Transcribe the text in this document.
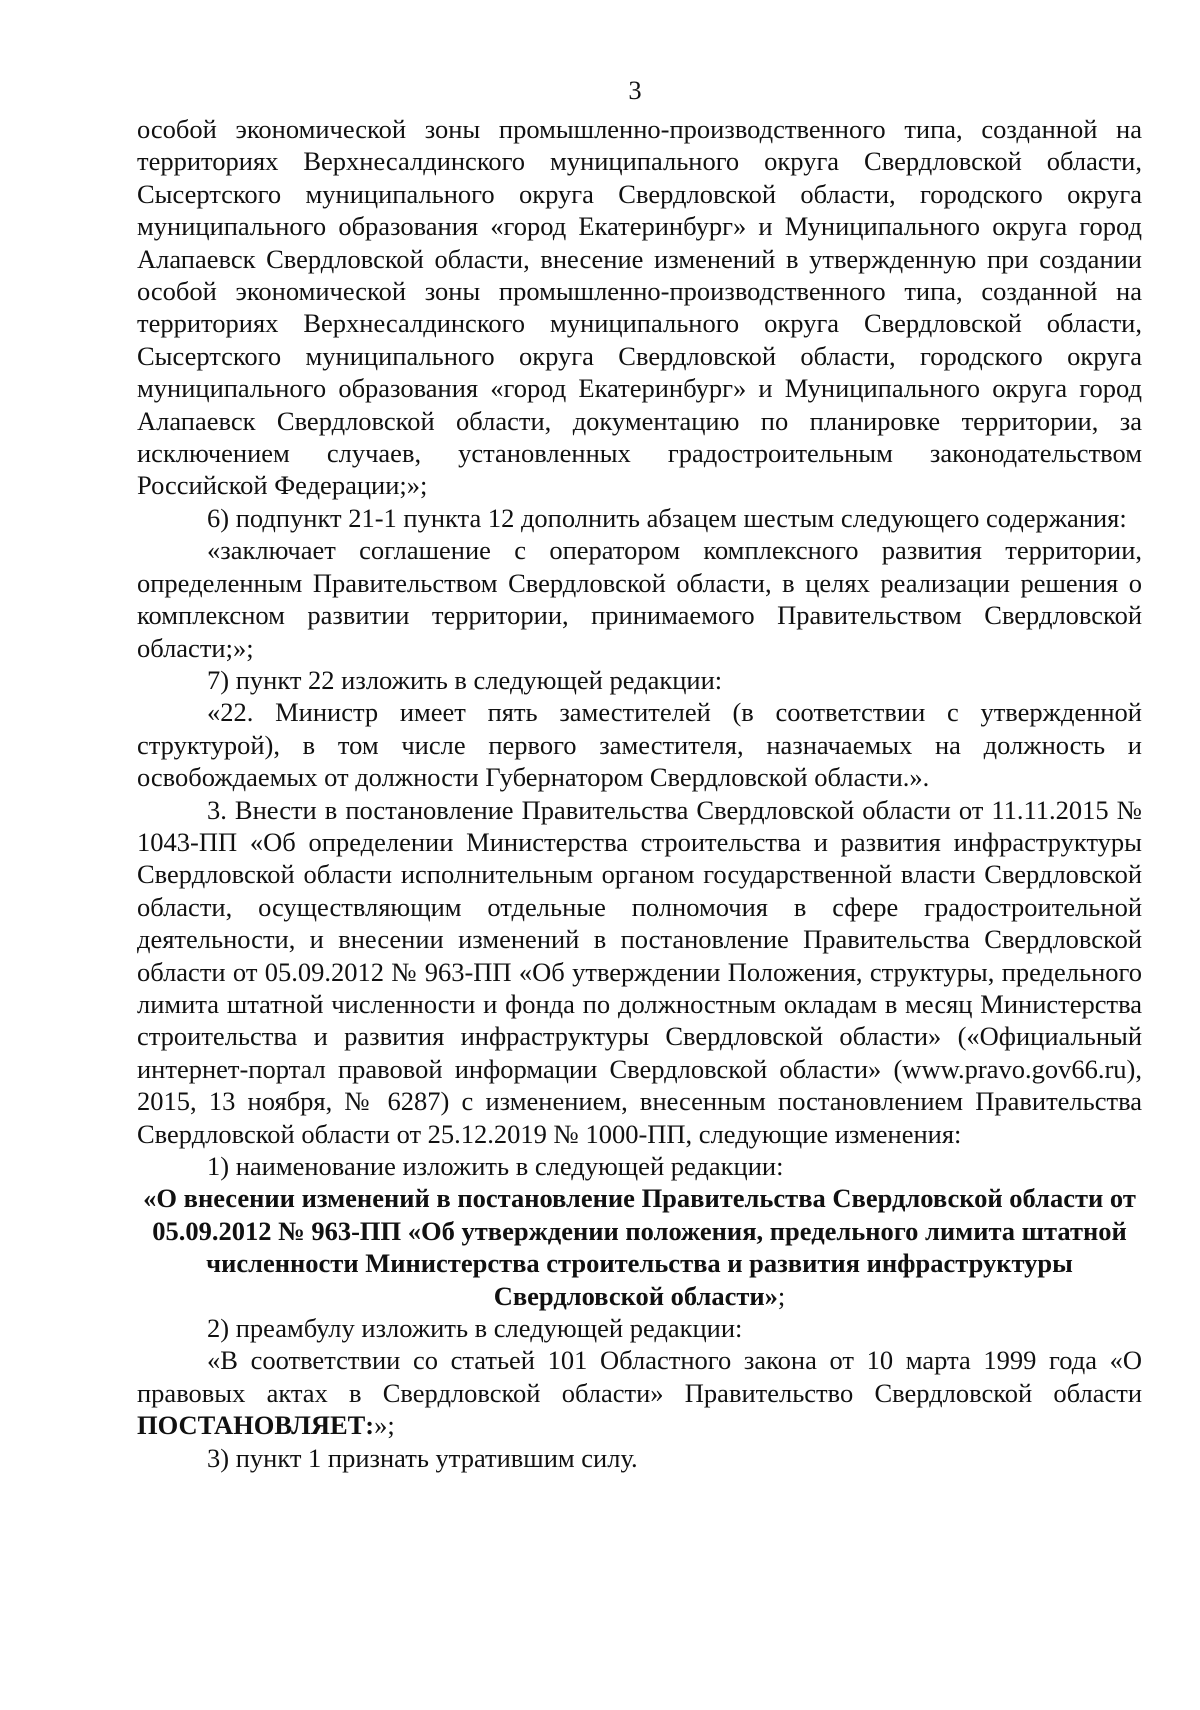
3

особой экономической зоны промышленно-производственного типа, созданной на территориях Верхнесалдинского муниципального округа Свердловской области, Сысертского муниципального округа Свердловской области, городского округа муниципального образования «город Екатеринбург» и Муниципального округа город Алапаевск Свердловской области, внесение изменений в утвержденную при создании особой экономической зоны промышленно-производственного типа, созданной на территориях Верхнесалдинского муниципального округа Свердловской области, Сысертского муниципального округа Свердловской области, городского округа муниципального образования «город Екатеринбург» и Муниципального округа город Алапаевск Свердловской области, документацию по планировке территории, за исключением случаев, установленных градостроительным законодательством Российской Федерации;»;

6) подпункт 21-1 пункта 12 дополнить абзацем шестым следующего содержания:

«заключает соглашение с оператором комплексного развития территории, определенным Правительством Свердловской области, в целях реализации решения о комплексном развитии территории, принимаемого Правительством Свердловской области;»;

7) пункт 22 изложить в следующей редакции:

«22. Министр имеет пять заместителей (в соответствии с утвержденной структурой), в том числе первого заместителя, назначаемых на должность и освобождаемых от должности Губернатором Свердловской области.».

3. Внести в постановление Правительства Свердловской области от 11.11.2015 № 1043-ПП «Об определении Министерства строительства и развития инфраструктуры Свердловской области исполнительным органом государственной власти Свердловской области, осуществляющим отдельные полномочия в сфере градостроительной деятельности, и внесении изменений в постановление Правительства Свердловской области от 05.09.2012 № 963-ПП «Об утверждении Положения, структуры, предельного лимита штатной численности и фонда по должностным окладам в месяц Министерства строительства и развития инфраструктуры Свердловской области» («Официальный интернет-портал правовой информации Свердловской области» (www.pravo.gov66.ru), 2015, 13 ноября, № 6287) с изменением, внесенным постановлением Правительства Свердловской области от 25.12.2019 № 1000-ПП, следующие изменения:

1) наименование изложить в следующей редакции:

«О внесении изменений в постановление Правительства Свердловской области от 05.09.2012 № 963-ПП «Об утверждении положения, предельного лимита штатной численности Министерства строительства и развития инфраструктуры Свердловской области»;

2) преамбулу изложить в следующей редакции:

«В соответствии со статьей 101 Областного закона от 10 марта 1999 года «О правовых актах в Свердловской области» Правительство Свердловской области ПОСТАНОВЛЯЕТ:»;

3) пункт 1 признать утратившим силу.
